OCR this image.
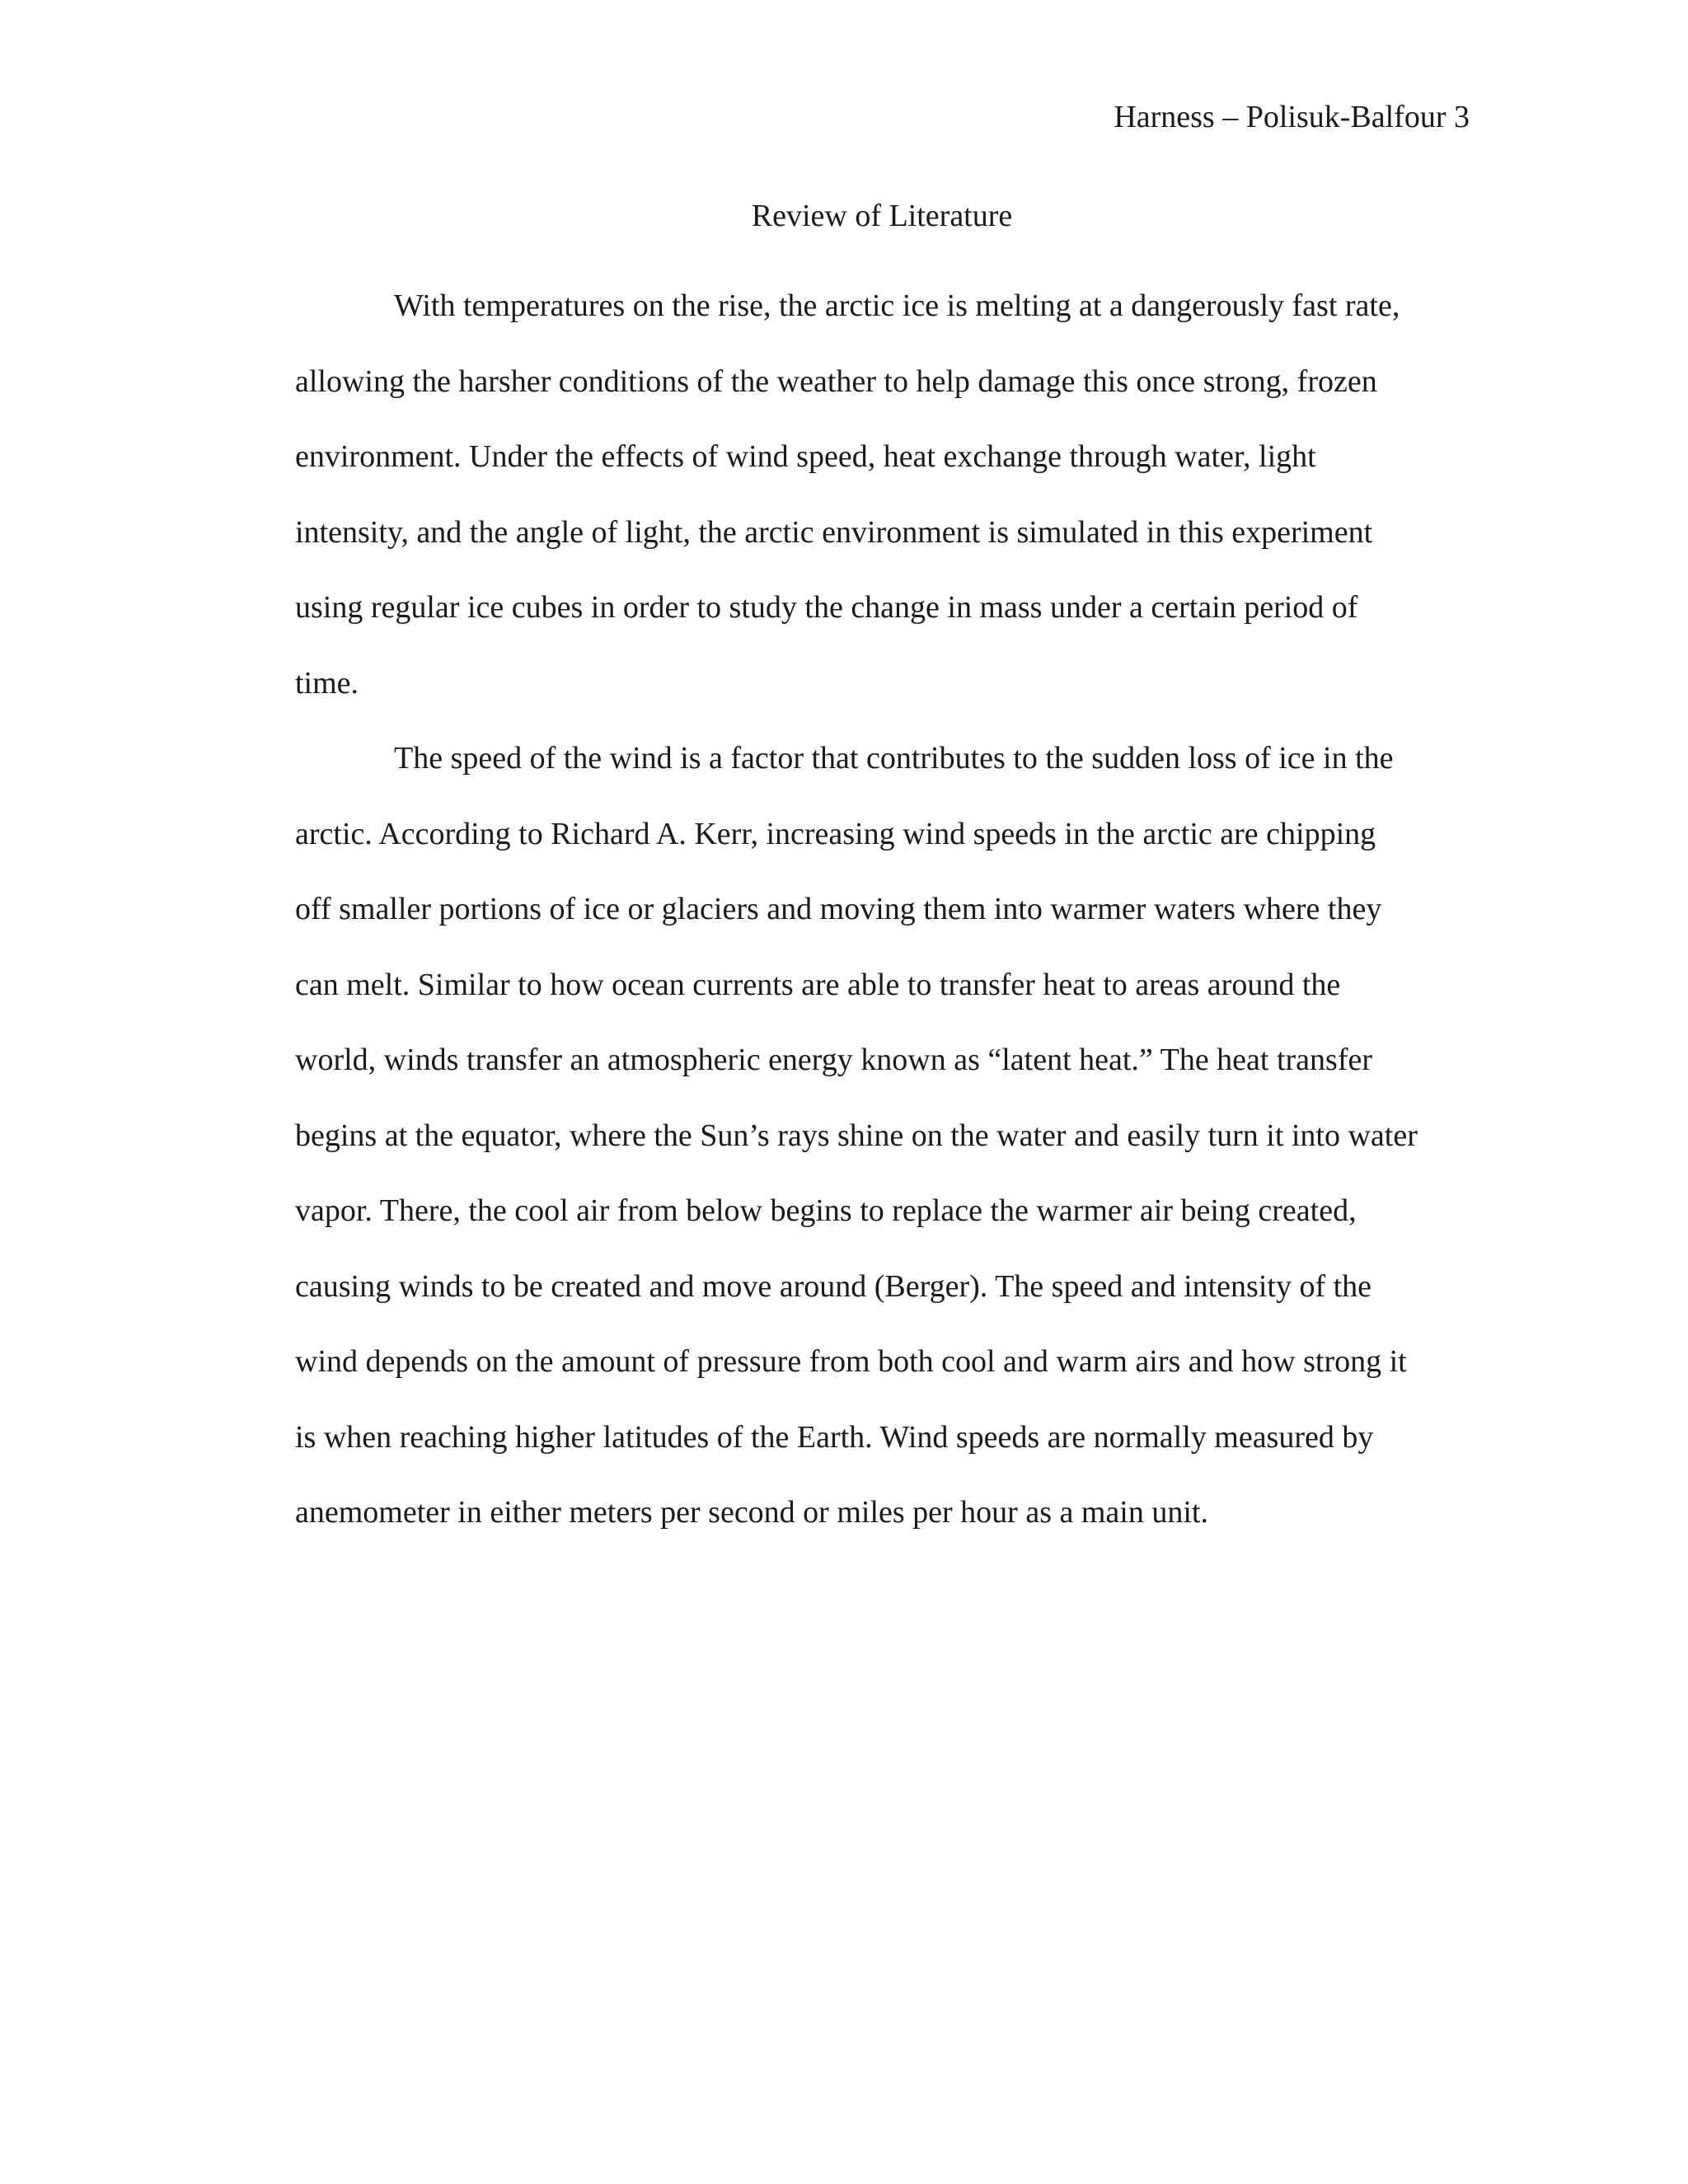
Harness – Polisuk-Balfour 3
Review of Literature
With temperatures on the rise, the arctic ice is melting at a dangerously fast rate,
allowing the harsher conditions of the weather to help damage this once strong, frozen
environment. Under the effects of wind speed, heat exchange through water, light
intensity, and the angle of light, the arctic environment is simulated in this experiment
using regular ice cubes in order to study the change in mass under a certain period of
time.
The speed of the wind is a factor that contributes to the sudden loss of ice in the
arctic. According to Richard A. Kerr, increasing wind speeds in the arctic are chipping
off smaller portions of ice or glaciers and moving them into warmer waters where they
can melt. Similar to how ocean currents are able to transfer heat to areas around the
world, winds transfer an atmospheric energy known as “latent heat.” The heat transfer
begins at the equator, where the Sun’s rays shine on the water and easily turn it into water
vapor. There, the cool air from below begins to replace the warmer air being created,
causing winds to be created and move around (Berger). The speed and intensity of the
wind depends on the amount of pressure from both cool and warm airs and how strong it
is when reaching higher latitudes of the Earth. Wind speeds are normally measured by
anemometer in either meters per second or miles per hour as a main unit.
